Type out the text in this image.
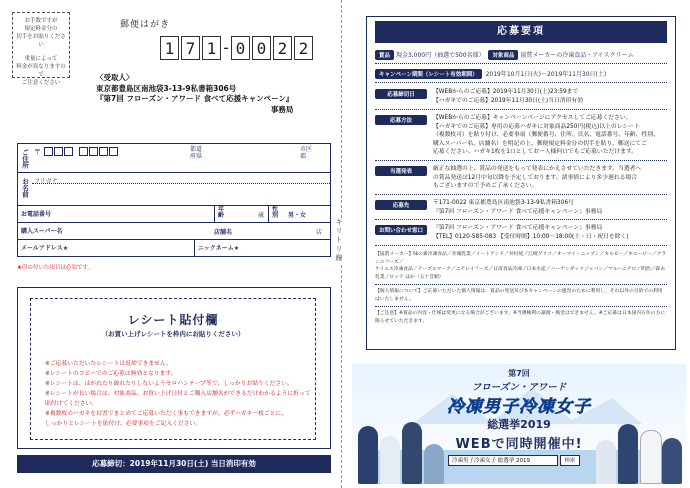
お手数ですが
規定料金分の
切手をお貼りください
重量によって
料金が異なりますので
ご注意ください
郵便はがき
1 7 1 - 0 0 2 2
〈受取人〉
東京都豊島区南池袋3-13-9私書箱306号
『第7回 フローズン・アワード 食べて応援キャンペーン』
事務局
ご住所 〒	都道
府県
市区
郡
お名前 フリガナ
お電話番号
年齢	歳
性別 男・女
購入スーパー名	店舗名	店
メールアドレス★	ニックネーム★
★印の付いた項目は必須です。
レシート貼付欄
（お買い上げレシートを枠内にお貼りください）
※ご応募いただいたレシートは返却できません。
※レシートのコピーでのご応募は無効となります。
※レシートは、はがれたり破れたりしないようセロハンテープ等で、しっかりお貼りください。
※レシートが長い場合は、対象商品、お買い上げ日付とご購入店舗名ができるだけわかるように折って貼付けてください。
※複数枚のハガキを封書でまとめてご応募いただく事もできますが、必ずハガキ一枚ごとに、
しっかりとレシートを貼付け、必要事項をご記入ください。
応募締切：2019年11月30日(土) 当日消印有効
キリトリ線
応募要項
賞品 現金3,000円（抽選で500名様） 対象商品 協賛メーカーの冷凍食品・アイスクリーム
キャンペーン期間（レシート有効期間） 2019年10月1日(火)～2019年11月30日(土)
応募締切日	【WEBからのご応募】2019年11月30日(土)23:59まで
【ハガキでのご応募】2019年11月30日(土)当日消印有効
応募方法	【WEBからのご応募】キャンペーンページにアクセスしてご応募ください。
【ハガキでのご応募】専用の応募ハガキに対象商品250円(税込)以上のレシート
（複数枚可）を貼り付け、必要事項（郵便番号、住所、氏名、電話番号、年齢、性別、
購入スーパー名、店舗名）を明記の上、郵便規定料金分の切手を貼り、郵送にてご
応募ください。ハガキ1枚を1口としてお一人様何口でもご応募いただけます。
当選発表	厳正な抽選の上、賞品の発送をもって発表にかえさせていただきます。当選者へ
の賞品発送は12月中旬以降を予定しております。諸事情により多少遅れる場合
もございますので予めご了承ください。
応募先	〒171-0022 東京都豊島区南池袋3-13-9私書箱306号
『第7回 フローズン・アワード 食べて応援キャンペーン』事務局
お問い合わせ窓口	『第7回 フローズン・アワード 食べて応援キャンペーン』事務局
【TEL】0120-585-083 【受付時間】10:00～18:00(土・日・祝日を除く)
【協賛メーカー】味の素冷凍食品／赤城乳業／イートアンド／井村屋／江崎グリコ／オーマイ・ニップン／カルビー／キユーピー／クラシエフーズ／
ケイエス冷凍食品／テーブルマーク／ニチレイフーズ／日清食品冷凍／日本水産／ハーゲンダッツジャパン／マルハニチロ／明治／森永乳業／ロッテ ほか（五十音順）
【個人情報について】ご応募いただいた個人情報は、賞品の発送及び本キャンペーンの運営のために利用し、それ以外の目的での利用はいたしません。
【ご注意】※賞品の内容・仕様は変更になる場合がございます。※当選権利の譲渡・換金はできません。※ご応募は日本国内在住の方に限らせていただきます。
第7回
フローズン・アワード
冷凍男子冷凍女子
総選挙2019
WEBで同時開催中!
冷凍男子冷凍女子 総選挙 2019	検索
